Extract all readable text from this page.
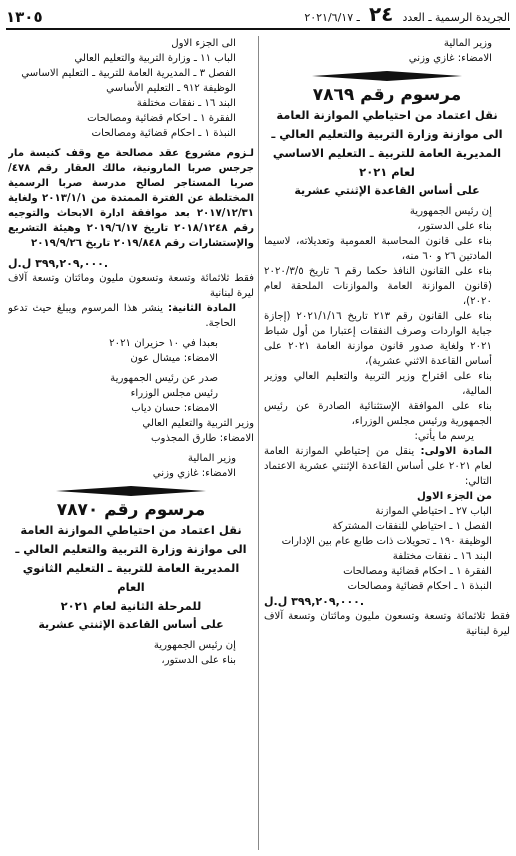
الجريدة الرسمية ـ العدد ٢٤ ـ ٢٠٢١/٦/١٧
١٣٠٥
وزير المالية
الامضاء: غازي وزني
مرسوم رقم ٧٨٦٩
نقل اعتماد من احتياطي الموازنة العامة
الى موازنة وزارة التربية والتعليم العالي ـ
المديرية العامة للتربية ـ التعليم الاساسي
لعام ٢٠٢١
على أساس القاعدة الإثنتي عشرية
إن رئيس الجمهورية
بناء على الدستور،
بناء على قانون المحاسبة العمومية وتعديلاته، لاسيما المادتين ٢٦ و ٦٠ منه،
بناء على القانون النافذ حكما رقم ٦ تاريخ ٢٠٢٠/٣/٥ (قانون الموازنة العامة والموازنات الملحقة لعام ٢٠٢٠)،
بناء على القانون رقم ٢١٣ تاريخ ٢٠٢١/١/١٦ (إجازة جباية الواردات وصرف النفقات إعتبارا من أول شباط ٢٠٢١ ولغاية صدور قانون موازنة العامة ٢٠٢١ على أساس القاعدة الاثني عشرية)،
بناء على اقتراح وزير التربية والتعليم العالي ووزير المالية،
بناء على الموافقة الإستثنائية الصادرة عن رئيس الجمهورية ورئيس مجلس الوزراء،
يرسم ما يأتي:
المادة الاولى: ينقل من إحتياطي الموازنة العامة لعام ٢٠٢١ على أساس القاعدة الإثنتي عشرية الاعتماد التالي:
من الجزء الاول
الباب ٢٧ ـ احتياطي الموازنة
الفصل ١ ـ احتياطي للنفقات المشتركة
الوظيفة ١٩٠ ـ تحويلات ذات طابع عام بين الإدارات
البند ١٦ ـ نفقات مختلفة
الفقرة ١ ـ احكام قضائية ومصالحات
النبذة ١ ـ احكام قضائية ومصالحات
٣٩٩,٢٠٩,٠٠٠ ل.ل.
فقط ثلاثمائة وتسعة وتسعون مليون ومائتان وتسعة آلاف ليرة لبنانية
الى الجزء الاول
الباب ١١ ـ وزارة التربية والتعليم العالي
الفصل ٣ ـ المديرية العامة للتربية ـ التعليم الاساسي
الوظيفة ٩١٢ ـ التعليم الأساسي
البند ١٦ ـ نفقات مختلفة
الفقرة ١ ـ احكام قضائية ومصالحات
النبذة ١ ـ احكام قضائية ومصالحات
لـزوم مشروع عقد مصالحة مع وقف كنيسة مار جرجس صربا المارونية، مالك العقار رقم ٤٧٨/صربا المستاجر لصالح مدرسة صربا الرسمية المختلطة عن الفترة الممتدة من ٢٠١٣/١/١ ولغاية ٢٠١٧/١٢/٣١ بعد موافقة ادارة الابحاث والتوجيه رقم ٢٠١٨/١٢٤٨ تاريخ ٢٠١٩/٦/١٧ وهيئة التشريع والإستشارات رقم ٢٠١٩/٨٤٨ تاريخ ٢٠١٩/٩/٢٦
٣٩٩,٢٠٩,٠٠٠ ل.ل.
فقط ثلاثمائة وتسعة وتسعون مليون ومائتان وتسعة آلاف ليرة لبنانية
المادة الثانية: ينشر هذا المرسوم ويبلغ حيث تدعو الحاجة.
بعبدا في ١٠ حزيران ٢٠٢١
الامضاء: ميشال عون
صدر عن رئيس الجمهورية
رئيس مجلس الوزراء
الامضاء: حسان دياب
وزير التربية والتعليم العالي
الامضاء: طارق المجذوب
وزير المالية
الامضاء: غازي وزني
مرسوم رقم ٧٨٧٠
نقل اعتماد من احتياطي الموازنة العامة
الى موازنة وزارة التربية والتعليم العالي ـ
المديرية العامة للتربية ـ التعليم الثانوي العام
للمرحلة الثانية لعام ٢٠٢١
على أساس القاعدة الإثنتي عشرية
إن رئيس الجمهورية
بناء على الدستور،
